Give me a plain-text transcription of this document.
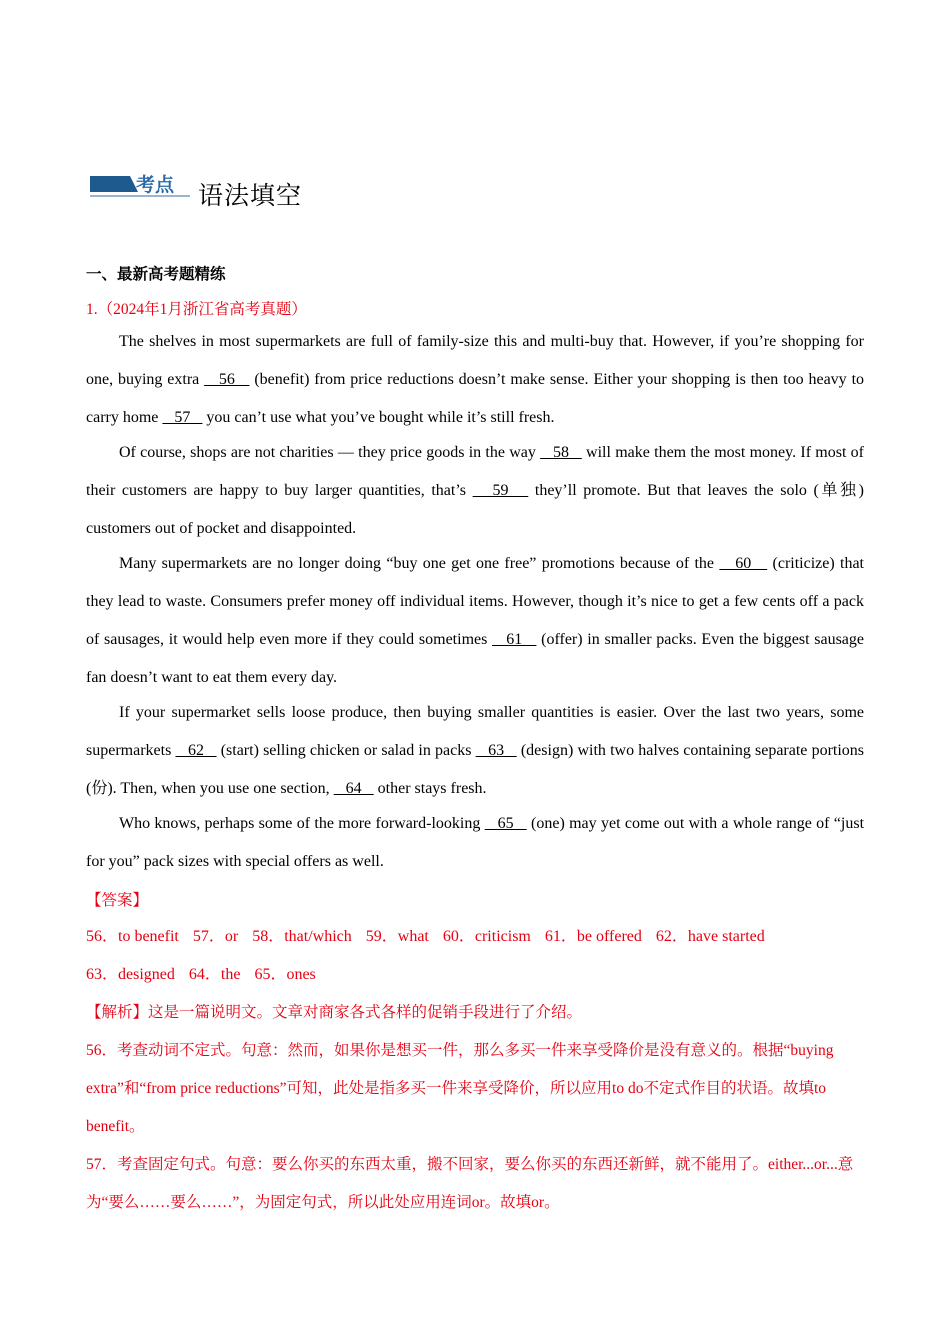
考点 语法填空
一、最新高考题精练
1.（2024年1月浙江省高考真题）

The shelves in most supermarkets are full of family-size this and multi-buy that. However, if you’re shopping for one, buying extra    56    (benefit) from price reductions doesn’t make sense. Either your shopping is then too heavy to carry home    57    you can’t use what you’ve bought while it’s still fresh.

Of course, shops are not charities — they price goods in the way    58    will make them the most money. If most of their customers are happy to buy larger quantities, that’s    59    they’ll promote. But that leaves the solo (单独) customers out of pocket and disappointed.

Many supermarkets are no longer doing “buy one get one free” promotions because of the    60    (criticize) that they lead to waste. Consumers prefer money off individual items. However, though it’s nice to get a few cents off a pack of sausages, it would help even more if they could sometimes    61    (offer) in smaller packs. Even the biggest sausage fan doesn’t want to eat them every day.

If your supermarket sells loose produce, then buying smaller quantities is easier. Over the last two years, some supermarkets    62    (start) selling chicken or salad in packs    63    (design) with two halves containing separate portions (份). Then, when you use one section,    64    other stays fresh.

Who knows, perhaps some of the more forward-looking    65    (one) may yet come out with a whole range of “just for you” pack sizes with special offers as well.

【答案】
56．to benefit 57．or 58．that/which 59．what 60．criticism 61．be offered 62．have started
63．designed 64．the 65．ones
【解析】这是一篇说明文。文章对商家各式各样的促销手段进行了介绍。
56．考查动词不定式。句意：然而，如果你是想买一件，那么多买一件来享受降价是没有意义的。根据“buying extra”和“from price reductions”可知，此处是指多买一件来享受降价，所以应用to do不定式作目的状语。故填to benefit。
57．考查固定句式。句意：要么你买的东西太重，搬不回家，要么你买的东西还新鲜，就不能用了。either...or...意为“要么……要么……”，为固定句式，所以此处应用连词or。故填or。
